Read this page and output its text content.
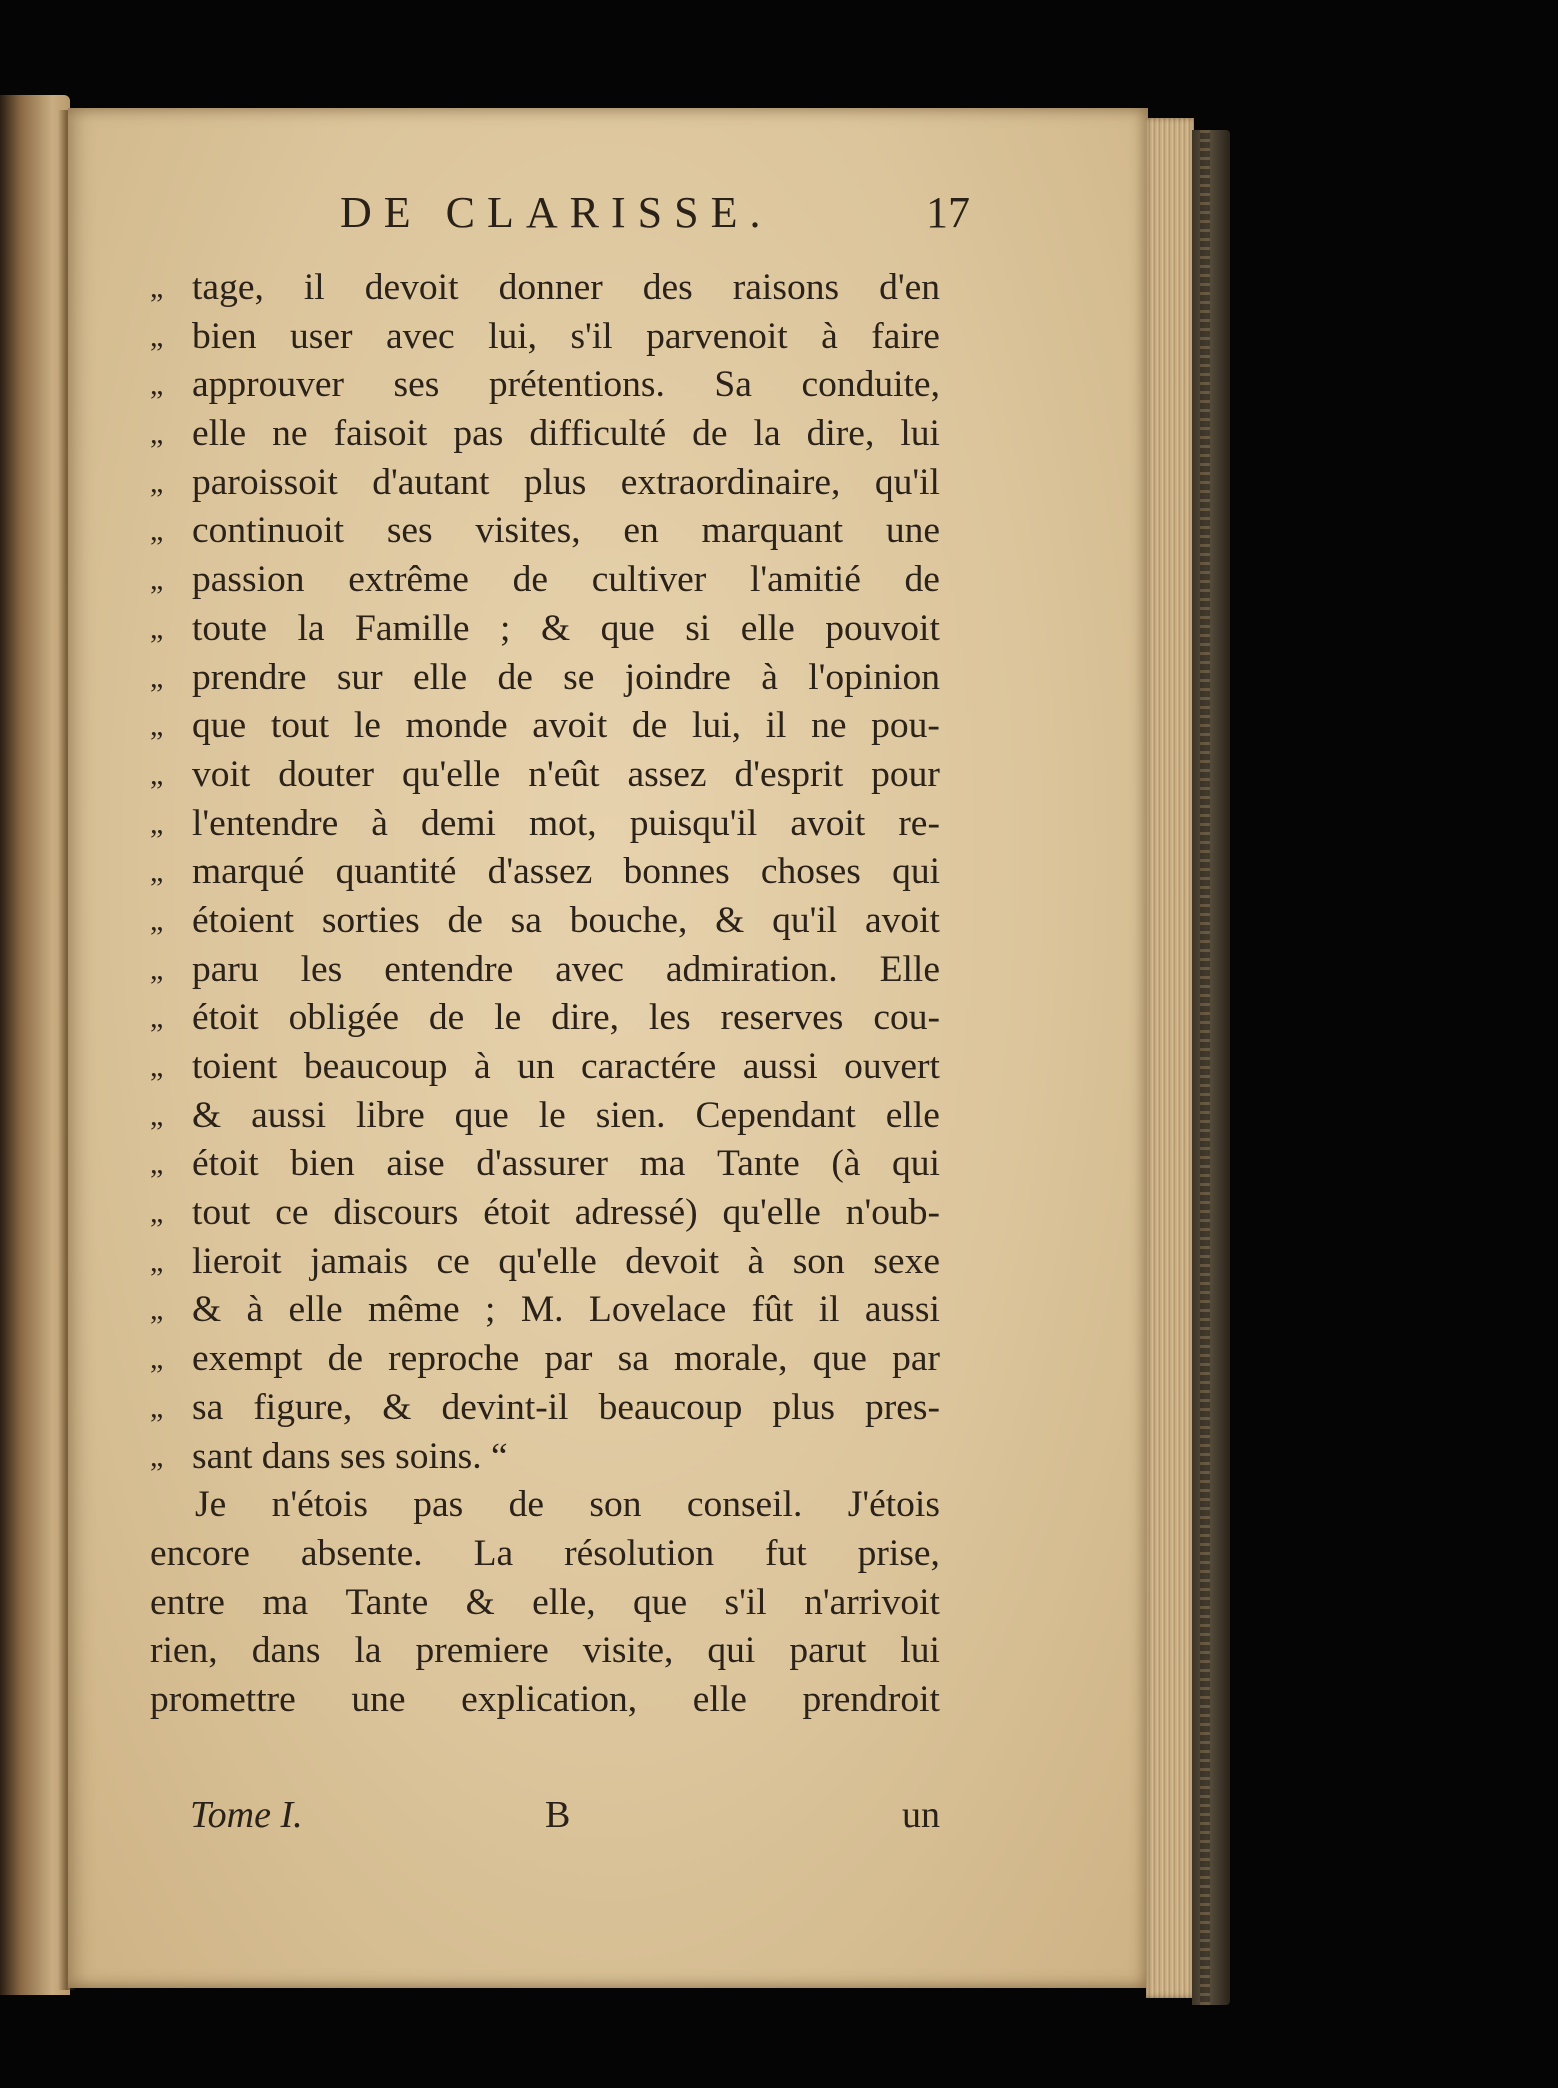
DE CLARISSE.	17
„ tage, il devoit donner des raisons d'en
„ bien user avec lui, s'il parvenoit à faire
„ approuver ses prétentions. Sa conduite,
„ elle ne faisoit pas difficulté de la dire, lui
„ paroissoit d'autant plus extraordinaire, qu'il
„ continuoit ses visites, en marquant une
„ passion extrême de cultiver l'amitié de
„ toute la Famille ; & que si elle pouvoit
„ prendre sur elle de se joindre à l'opinion
„ que tout le monde avoit de lui, il ne pou-
„ voit douter qu'elle n'eût assez d'esprit pour
„ l'entendre à demi mot, puisqu'il avoit re-
„ marqué quantité d'assez bonnes choses qui
„ étoient sorties de sa bouche, & qu'il avoit
„ paru les entendre avec admiration. Elle
„ étoit obligée de le dire, les reserves cou-
„ toient beaucoup à un caractére aussi ouvert
„ & aussi libre que le sien. Cependant elle
„ étoit bien aise d'assurer ma Tante (à qui
„ tout ce discours étoit adressé) qu'elle n'oub-
„ lieroit jamais ce qu'elle devoit à son sexe
„ & à elle même ; M. Lovelace fût il aussi
„ exempt de reproche par sa morale, que par
„ sa figure, & devint-il beaucoup plus pres-
„ sant dans ses soins. “
Je n'étois pas de son conseil. J'étois
encore absente. La résolution fut prise,
entre ma Tante & elle, que s'il n'arrivoit
rien, dans la premiere visite, qui parut lui
promettre une explication, elle prendroit
Tome I.	B	un
